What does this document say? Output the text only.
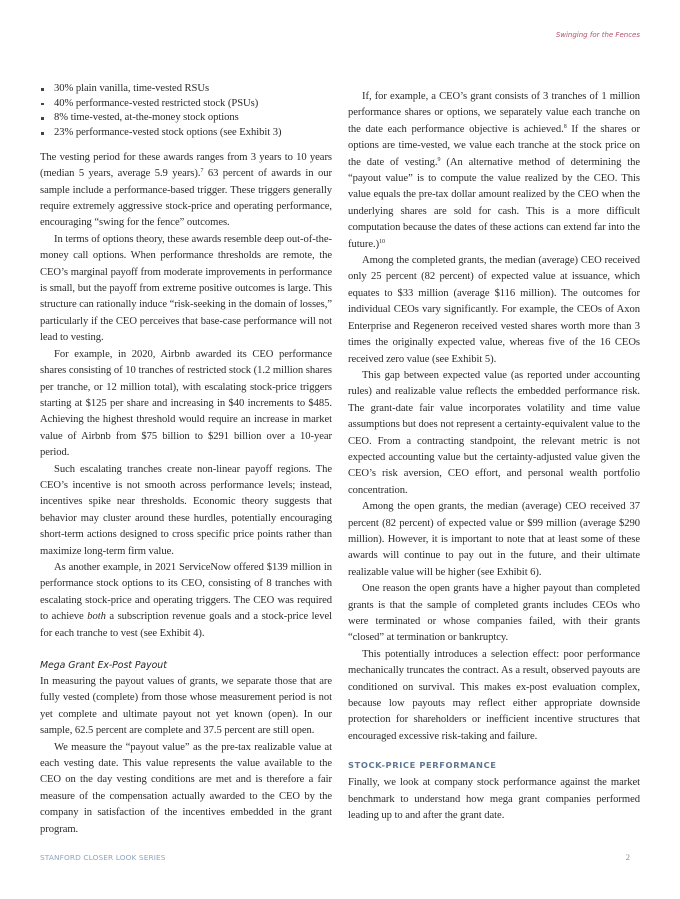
Swinging for the Fences
30% plain vanilla, time-vested RSUs
40% performance-vested restricted stock (PSUs)
8% time-vested, at-the-money stock options
23% performance-vested stock options (see Exhibit 3)

The vesting period for these awards ranges from 3 years to 10 years (median 5 years, average 5.9 years).$^7$ 63 percent of awards in our sample include a performance-based trigger. These triggers generally require extremely aggressive stock-price and operating performance, encouraging “swing for the fence” outcomes.

In terms of options theory, these awards resemble deep out-of-the-money call options. When performance thresholds are remote, the CEO’s marginal payoff from moderate improvements in performance is small, but the payoff from extreme positive outcomes is large. This structure can rationally induce “risk-seeking in the domain of losses,” particularly if the CEO perceives that base-case performance will not lead to vesting.

For example, in 2020, Airbnb awarded its CEO performance shares consisting of 10 tranches of restricted stock (1.2 million shares per tranche, or 12 million total), with escalating stock-price triggers starting at $125 per share and increasing in $40 increments to $485. Achieving the highest threshold would require an increase in market value of Airbnb from $75 billion to $291 billion over a 10-year period.

Such escalating tranches create non-linear payoff regions. The CEO’s incentive is not smooth across performance levels; instead, incentives spike near thresholds. Economic theory suggests that behavior may cluster around these hurdles, potentially encouraging short-term actions designed to cross specific price points rather than maximize long-term firm value.

As another example, in 2021 ServiceNow offered $139 million in performance stock options to its CEO, consisting of 8 tranches with escalating stock-price and operating triggers. The CEO was required to achieve both a subscription revenue goals and a stock-price level for each tranche to vest (see Exhibit 4).

Mega Grant Ex-Post Payout

In measuring the payout values of grants, we separate those that are fully vested (complete) from those whose measurement period is not yet complete and ultimate payout not yet known (open). In our sample, 62.5 percent are complete and 37.5 percent are still open.

We measure the “payout value” as the pre-tax realizable value at each vesting date. This value represents the value available to the CEO on the day vesting conditions are met and is therefore a fair measure of the compensation actually awarded to the CEO by the company in satisfaction of the incentives embedded in the grant program.

If, for example, a CEO’s grant consists of 3 tranches of 1 million performance shares or options, we separately value each tranche on the date each performance objective is achieved.$^8$ If the shares or options are time-vested, we value each tranche at the stock price on the date of vesting.$^9$ (An alternative method of determining the “payout value” is to compute the value realized by the CEO. This value equals the pre-tax dollar amount realized by the CEO when the underlying shares are sold for cash. This is a more difficult computation because the dates of these actions can extend far into the future.)$^{10}$

Among the completed grants, the median (average) CEO received only 25 percent (82 percent) of expected value at issuance, which equates to $33 million (average $116 million). The outcomes for individual CEOs vary significantly. For example, the CEOs of Axon Enterprise and Regeneron received vested shares worth more than 3 times the originally expected value, whereas five of the 16 CEOs received zero value (see Exhibit 5).

This gap between expected value (as reported under accounting rules) and realizable value reflects the embedded performance risk. The grant-date fair value incorporates volatility and time value assumptions but does not represent a certainty-equivalent value to the CEO. From a contracting standpoint, the relevant metric is not expected accounting value but the certainty-adjusted value given the CEO’s risk aversion, CEO effort, and personal wealth portfolio concentration.

Among the open grants, the median (average) CEO received 37 percent (82 percent) of expected value or $99 million (average $290 million). However, it is important to note that at least some of these awards will continue to pay out in the future, and their ultimate realizable value will be higher (see Exhibit 6).

One reason the open grants have a higher payout than completed grants is that the sample of completed grants includes CEOs who were terminated or whose companies failed, with their grants “closed” at termination or bankruptcy.

This potentially introduces a selection effect: poor performance mechanically truncates the contract. As a result, observed payouts are conditioned on survival. This makes ex-post evaluation complex, because low payouts may reflect either appropriate downside protection for shareholders or inefficient incentive structures that encouraged excessive risk-taking and failure.

STOCK-PRICE PERFORMANCE

Finally, we look at company stock performance against the market benchmark to understand how mega grant companies performed leading up to and after the grant date.

STANFORD CLOSER LOOK SERIES	2
